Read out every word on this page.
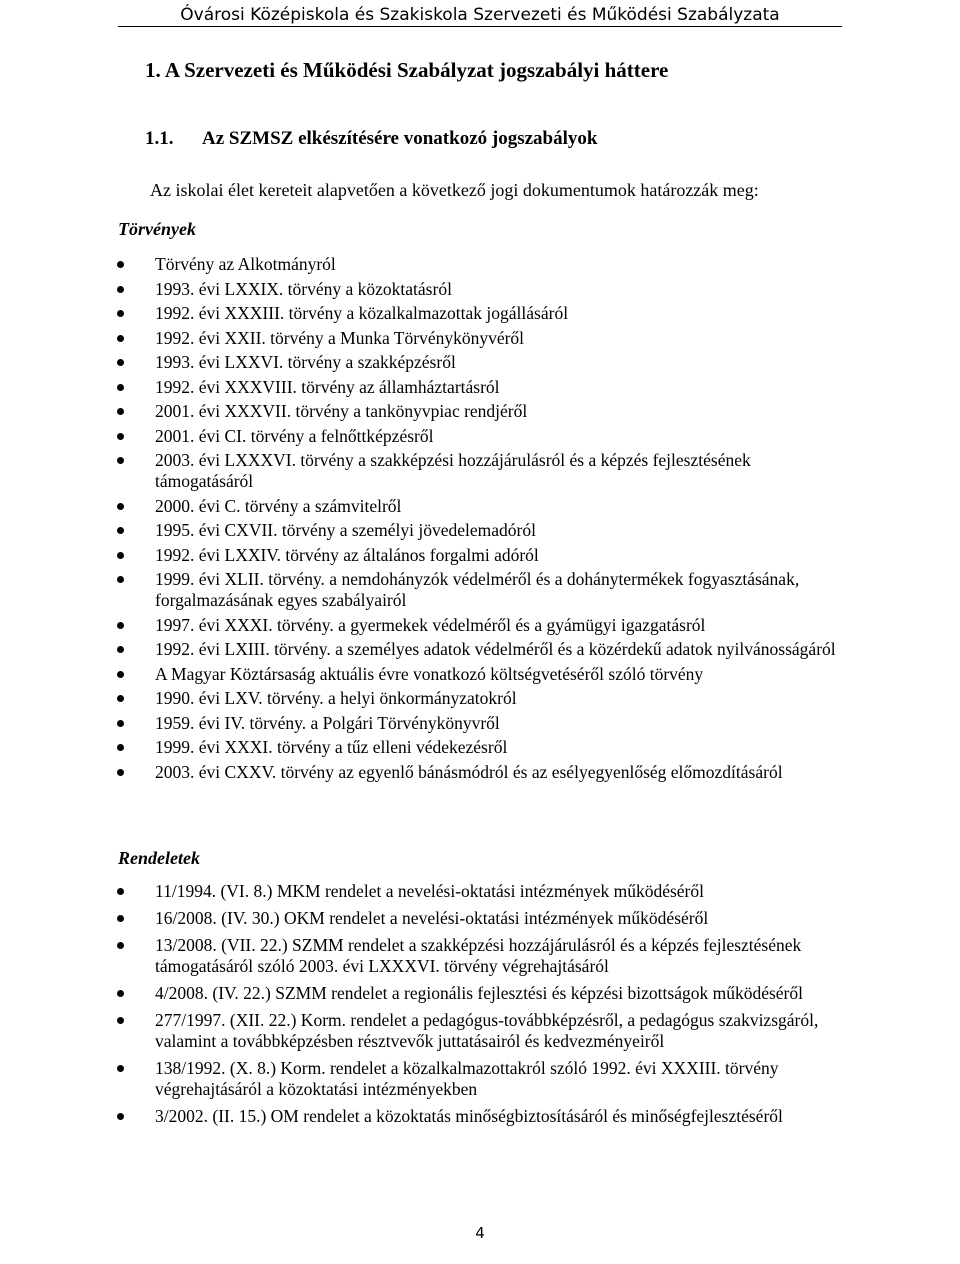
Óvárosi Középiskola és Szakiskola Szervezeti és Működési Szabályzata
1. A Szervezeti és Működési Szabályzat jogszabályi háttere
1.1. Az SZMSZ elkészítésére vonatkozó jogszabályok
Az iskolai élet kereteit alapvetően a következő jogi dokumentumok határozzák meg:
Törvények
Törvény az Alkotmányról
1993. évi LXXIX. törvény a közoktatásról
1992. évi XXXIII. törvény a közalkalmazottak jogállásáról
1992. évi XXII. törvény a Munka Törvénykönyvéről
1993. évi LXXVI. törvény a szakképzésről
1992. évi XXXVIII. törvény az államháztartásról
2001. évi XXXVII. törvény a tankönyvpiac rendjéről
2001. évi CI. törvény a felnőttképzésről
2003. évi LXXXVI. törvény a szakképzési hozzájárulásról és a képzés fejlesztésének támogatásáról
2000. évi C. törvény a számvitelről
1995. évi CXVII. törvény a személyi jövedelemadóról
1992. évi LXXIV. törvény az általános forgalmi adóról
1999. évi XLII. törvény. a nemdohányzók védelméről és a dohánytermékek fogyasztásának, forgalmazásának egyes szabályairól
1997. évi XXXI. törvény. a gyermekek védelméről és a gyámügyi igazgatásról
1992. évi LXIII. törvény. a személyes adatok védelméről és a közérdekű adatok nyilvánosságáról
A Magyar Köztársaság aktuális évre vonatkozó költségvetéséről szóló törvény
1990. évi LXV. törvény. a helyi önkormányzatokról
1959. évi IV. törvény. a Polgári Törvénykönyvről
1999. évi XXXI. törvény a tűz elleni védekezésről
2003. évi CXXV. törvény az egyenlő bánásmódról és az esélyegyenlőség előmozdításáról
Rendeletek
11/1994. (VI. 8.) MKM rendelet a nevelési-oktatási intézmények működéséről
16/2008. (IV. 30.) OKM rendelet a nevelési-oktatási intézmények működéséről
13/2008. (VII. 22.) SZMM rendelet a szakképzési hozzájárulásról és a képzés fejlesztésének támogatásáról szóló 2003. évi LXXXVI. törvény végrehajtásáról
4/2008. (IV. 22.) SZMM rendelet a regionális fejlesztési és képzési bizottságok működéséről
277/1997. (XII. 22.) Korm. rendelet a pedagógus-továbbképzésről, a pedagógus szakvizsgáról, valamint a továbbképzésben résztvevők juttatásairól és kedvezményeiről
138/1992. (X. 8.) Korm. rendelet a közalkalmazottakról szóló 1992. évi XXXIII. törvény végrehajtásáról a közoktatási intézményekben
3/2002. (II. 15.) OM rendelet a közoktatás minőségbiztosításáról és minőségfejlesztéséről
4
